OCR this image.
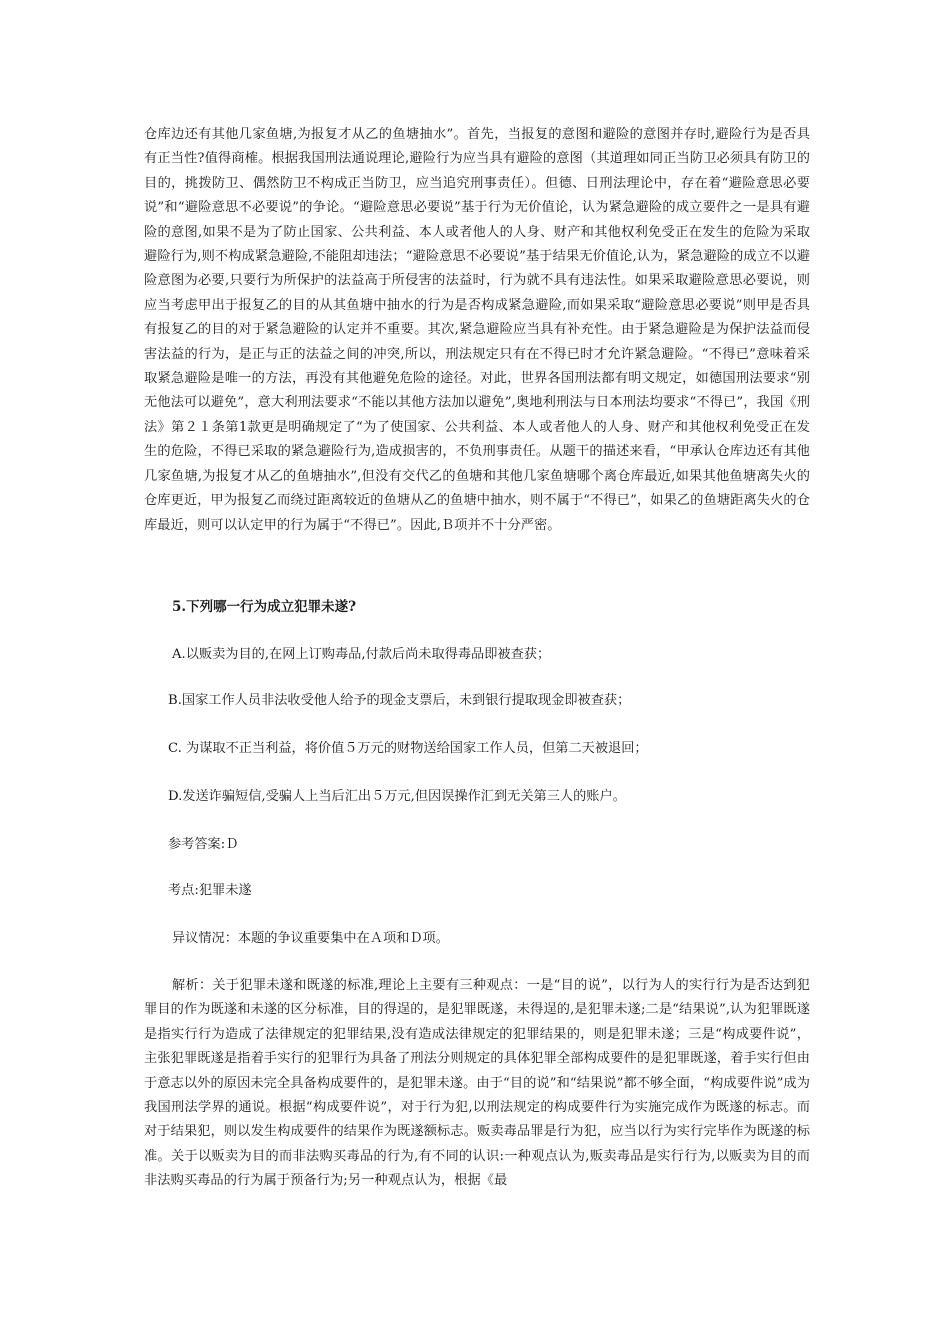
仓库边还有其他几家鱼塘,为报复才从乙的鱼塘抽水”。首先，当报复的意图和避险的意图并存时,避险行为是否具有正当性?值得商榷。根据我国刑法通说理论,避险行为应当具有避险的意图（其道理如同正当防卫必须具有防卫的目的，挑拨防卫、偶然防卫不构成正当防卫，应当追究刑事责任）。但德、日刑法理论中，存在着“避险意思必要说”和“避险意思不必要说”的争论。“避险意思必要说”基于行为无价值论，认为紧急避险的成立要件之一是具有避险的意图,如果不是为了防止国家、公共利益、本人或者他人的人身、财产和其他权利免受正在发生的危险为采取避险行为,则不构成紧急避险,不能阻却违法；“避险意思不必要说”基于结果无价值论,认为，紧急避险的成立不以避险意图为必要,只要行为所保护的法益高于所侵害的法益时，行为就不具有违法性。如果采取避险意思必要说，则应当考虑甲出于报复乙的目的从其鱼塘中抽水的行为是否构成紧急避险,而如果采取“避险意思必要说”则甲是否具有报复乙的目的对于紧急避险的认定并不重要。其次,紧急避险应当具有补充性。由于紧急避险是为保护法益而侵害法益的行为，是正与正的法益之间的冲突,所以，刑法规定只有在不得已时才允许紧急避险。“不得已”意味着采取紧急避险是唯一的方法，再没有其他避免危险的途径。对此，世界各国刑法都有明文规定，如德国刑法要求“别无他法可以避免”，意大利刑法要求“不能以其他方法加以避免”,奥地利刑法与日本刑法均要求“不得已”，我国《刑法》第２１条第1款更是明确规定了“为了使国家、公共利益、本人或者他人的人身、财产和其他权利免受正在发生的危险，不得已采取的紧急避险行为,造成损害的，不负刑事责任。从题干的描述来看，“甲承认仓库边还有其他几家鱼塘,为报复才从乙的鱼塘抽水”,但没有交代乙的鱼塘和其他几家鱼塘哪个离仓库最近,如果其他鱼塘离失火的仓库更近，甲为报复乙而绕过距离较近的鱼塘从乙的鱼塘中抽水，则不属于“不得已”，如果乙的鱼塘距离失火的仓库最近，则可以认定甲的行为属于“不得已”。因此,Ｂ项并不十分严密。
5.下列哪一行为成立犯罪未遂?
A.以贩卖为目的,在网上订购毒品,付款后尚未取得毒品即被查获；
B.国家工作人员非法收受他人给予的现金支票后，未到银行提取现金即被查获；
C. 为谋取不正当利益，将价值５万元的财物送给国家工作人员，但第二天被退回；
D.发送诈骗短信,受骗人上当后汇出５万元,但因误操作汇到无关第三人的账户。
参考答案:Ｄ
考点:犯罪未遂
异议情况：本题的争议重要集中在Ａ项和Ｄ项。
解析：关于犯罪未遂和既遂的标准,理论上主要有三种观点：一是“目的说”，以行为人的实行行为是否达到犯罪目的作为既遂和未遂的区分标准，目的得逞的，是犯罪既遂，未得逞的,是犯罪未遂;二是“结果说”,认为犯罪既遂是指实行行为造成了法律规定的犯罪结果,没有造成法律规定的犯罪结果的，则是犯罪未遂；三是“构成要件说”，主张犯罪既遂是指着手实行的犯罪行为具备了刑法分则规定的具体犯罪全部构成要件的是犯罪既遂，着手实行但由于意志以外的原因未完全具备构成要件的，是犯罪未遂。由于“目的说”和“结果说”都不够全面，“构成要件说”成为我国刑法学界的通说。根据“构成要件说”，对于行为犯,以刑法规定的构成要件行为实施完成作为既遂的标志。而对于结果犯，则以发生构成要件的结果作为既遂额标志。贩卖毒品罪是行为犯，应当以行为实行完毕作为既遂的标准。关于以贩卖为目的而非法购买毒品的行为,有不同的认识:一种观点认为,贩卖毒品是实行行为,以贩卖为目的而非法购买毒品的行为属于预备行为;另一种观点认为，根据《最
